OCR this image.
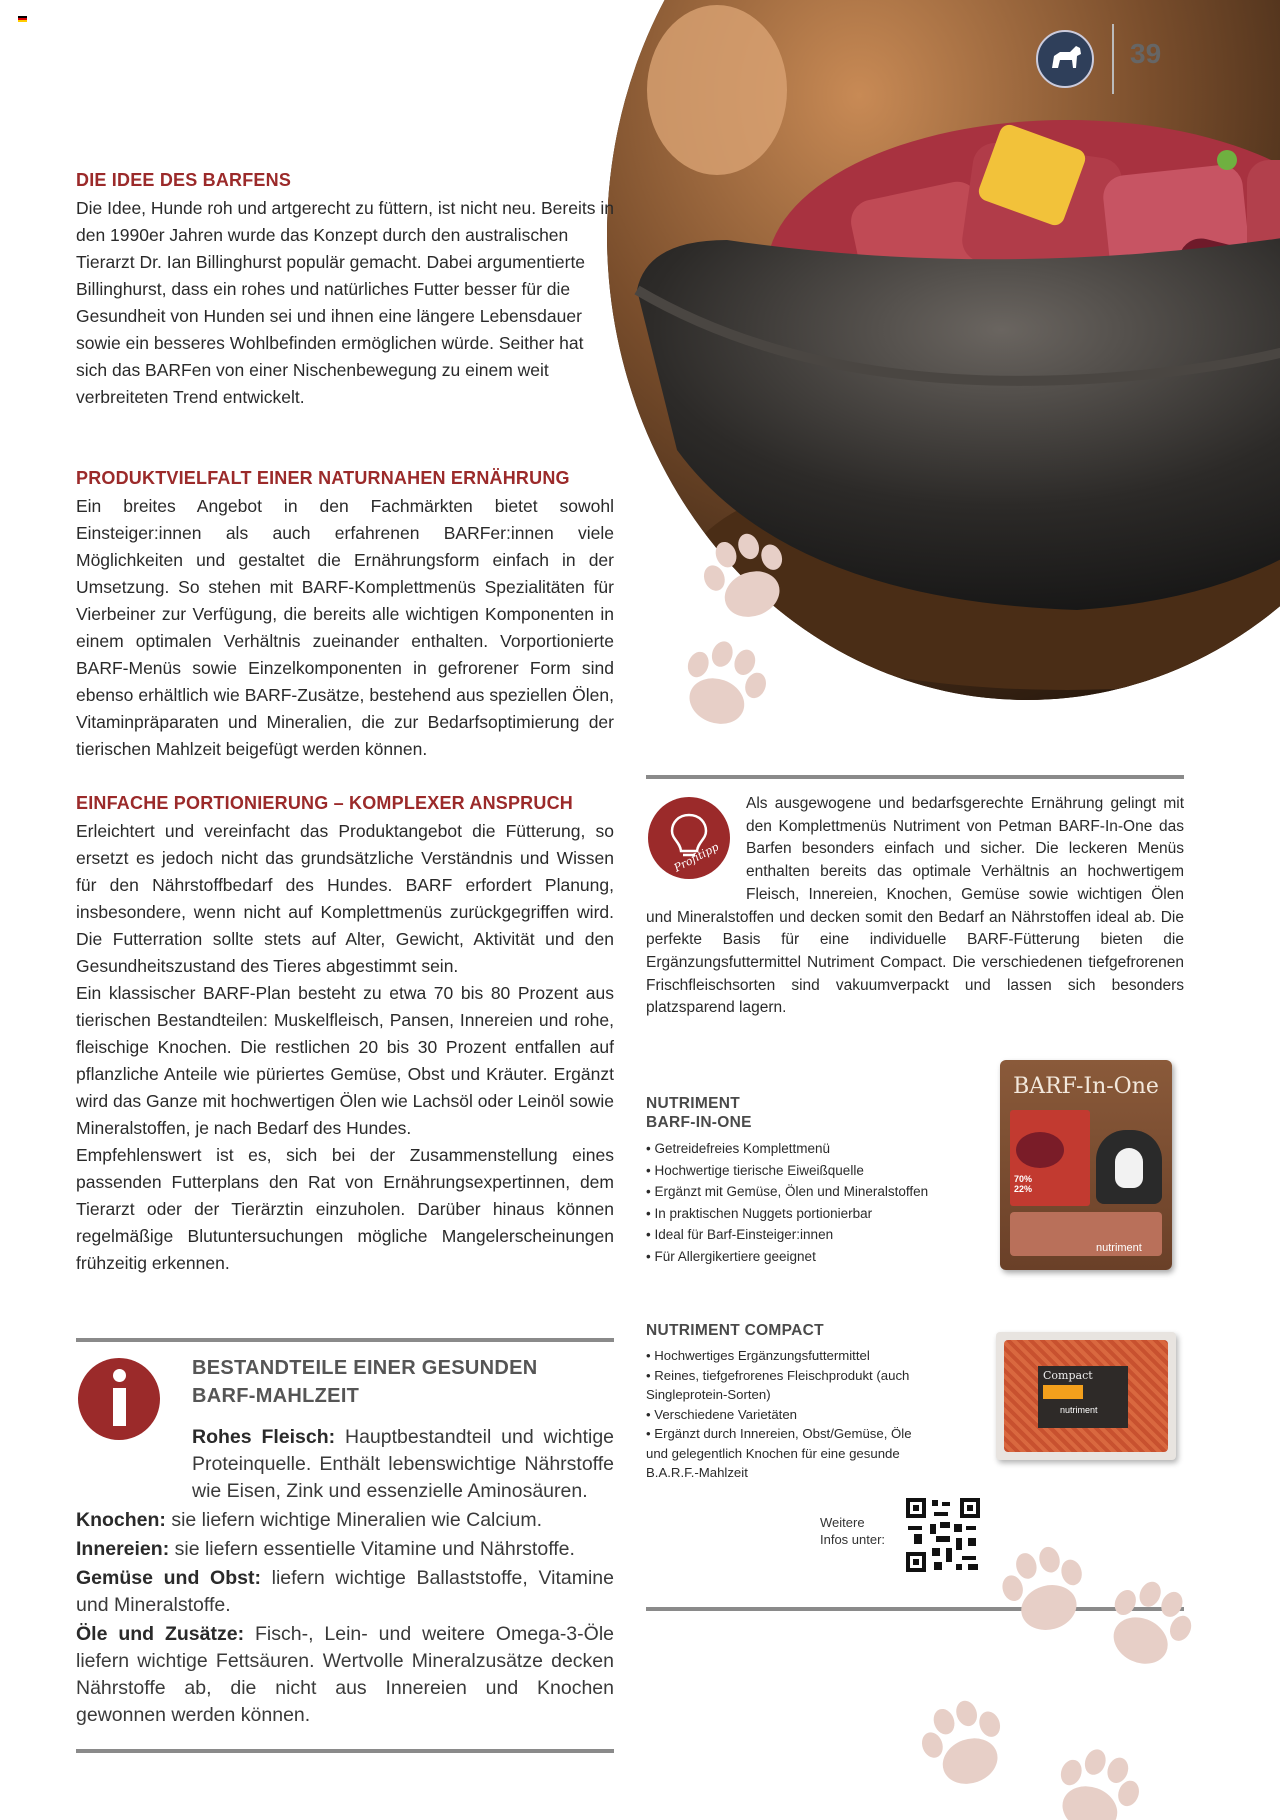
39
DIE IDEE DES BARFENS
Die Idee, Hunde roh und artgerecht zu füttern, ist nicht neu. Bereits in den 1990er Jahren wurde das Konzept durch den australischen Tierarzt Dr. Ian Billinghurst populär gemacht. Dabei argumentierte Billinghurst, dass ein rohes und natürliches Futter besser für die Gesundheit von Hunden sei und ihnen eine längere Lebensdauer sowie ein besseres Wohlbefinden ermöglichen würde. Seither hat sich das BARFen von einer Nischenbewegung zu einem weit verbreiteten Trend entwickelt.
PRODUKTVIELFALT EINER NATURNAHEN ERNÄHRUNG
Ein breites Angebot in den Fachmärkten bietet sowohl Einsteiger:innen als auch erfahrenen BARFer:innen viele Möglichkeiten und gestaltet die Ernährungsform einfach in der Umsetzung. So stehen mit BARF-Komplettmenüs Spezialitäten für Vierbeiner zur Verfügung, die bereits alle wichtigen Komponenten in einem optimalen Verhältnis zueinander enthalten. Vorportionierte BARF-Menüs sowie Einzelkomponenten in gefrorener Form sind ebenso erhältlich wie BARF-Zusätze, bestehend aus speziellen Ölen, Vitaminpräparaten und Mineralien, die zur Bedarfsoptimierung der tierischen Mahlzeit beigefügt werden können.
EINFACHE PORTIONIERUNG – KOMPLEXER ANSPRUCH
Erleichtert und vereinfacht das Produktangebot die Fütterung, so ersetzt es jedoch nicht das grundsätzliche Verständnis und Wissen für den Nährstoffbedarf des Hundes. BARF erfordert Planung, insbesondere, wenn nicht auf Komplettmenüs zurückgegriffen wird. Die Futterration sollte stets auf Alter, Gewicht, Aktivität und den Gesundheitszustand des Tieres abgestimmt sein.
Ein klassischer BARF-Plan besteht zu etwa 70 bis 80 Prozent aus tierischen Bestandteilen: Muskelfleisch, Pansen, Innereien und rohe, fleischige Knochen. Die restlichen 20 bis 30 Prozent entfallen auf pflanzliche Anteile wie püriertes Gemüse, Obst und Kräuter. Ergänzt wird das Ganze mit hochwertigen Ölen wie Lachsöl oder Leinöl sowie Mineralstoffen, je nach Bedarf des Hundes.
Empfehlenswert ist es, sich bei der Zusammenstellung eines passenden Futterplans den Rat von Ernährungsexpertinnen, dem Tierarzt oder der Tierärztin einzuholen. Darüber hinaus können regelmäßige Blutuntersuchungen mögliche Mangelerscheinungen frühzeitig erkennen.
BESTANDTEILE EINER GESUNDEN
BARF-MAHLZEIT

Rohes Fleisch: Hauptbestandteil und wichtige Proteinquelle. Enthält lebenswichtige Nährstoffe wie Eisen, Zink und essenzielle Aminosäuren.

Knochen: sie liefern wichtige Mineralien wie Calcium.

Innereien: sie liefern essentielle Vitamine und Nährstoffe.

Gemüse und Obst: liefern wichtige Ballaststoffe, Vitamine und Mineralstoffe.

Öle und Zusätze: Fisch-, Lein- und weitere Omega-3-Öle liefern wichtige Fettsäuren. Wertvolle Mineralzusätze decken Nährstoffe ab, die nicht aus Innereien und Knochen gewonnen werden können.

Profitipp
Als ausgewogene und bedarfsgerechte Ernährung gelingt mit den Komplettmenüs Nutriment von Petman BARF-In-One das Barfen besonders einfach und sicher. Die leckeren Menüs enthalten bereits das optimale Verhältnis an hochwertigem Fleisch, Innereien, Knochen, Gemüse sowie wichtigen Ölen und Mineralstoffen und decken somit den Bedarf an Nährstoffen ideal ab. Die perfekte Basis für eine individuelle BARF-Fütterung bieten die Ergänzungsfuttermittel Nutriment Compact. Die verschiedenen tiefgefrorenen Frischfleischsorten sind vakuumverpackt und lassen sich besonders platzsparend lagern.
NUTRIMENT
BARF-IN-ONE
• Getreidefreies Komplettmenü
• Hochwertige tierische Eiweißquelle
• Ergänzt mit Gemüse, Ölen und Mineralstoffen
• In praktischen Nuggets portionierbar
• Ideal für Barf-Einsteiger:innen
• Für Allergikertiere geeignet
BARF-In-One
70%
22%
nutriment
NUTRIMENT COMPACT
• Hochwertiges Ergänzungsfuttermittel
• Reines, tiefgefrorenes Fleischprodukt (auch Singleprotein-Sorten)
• Verschiedene Varietäten
• Ergänzt durch Innereien, Obst/Gemüse, Öle und gelegentlich Knochen für eine gesunde B.A.R.F.-Mahlzeit
Compact
nutriment
Weitere
Infos unter:
